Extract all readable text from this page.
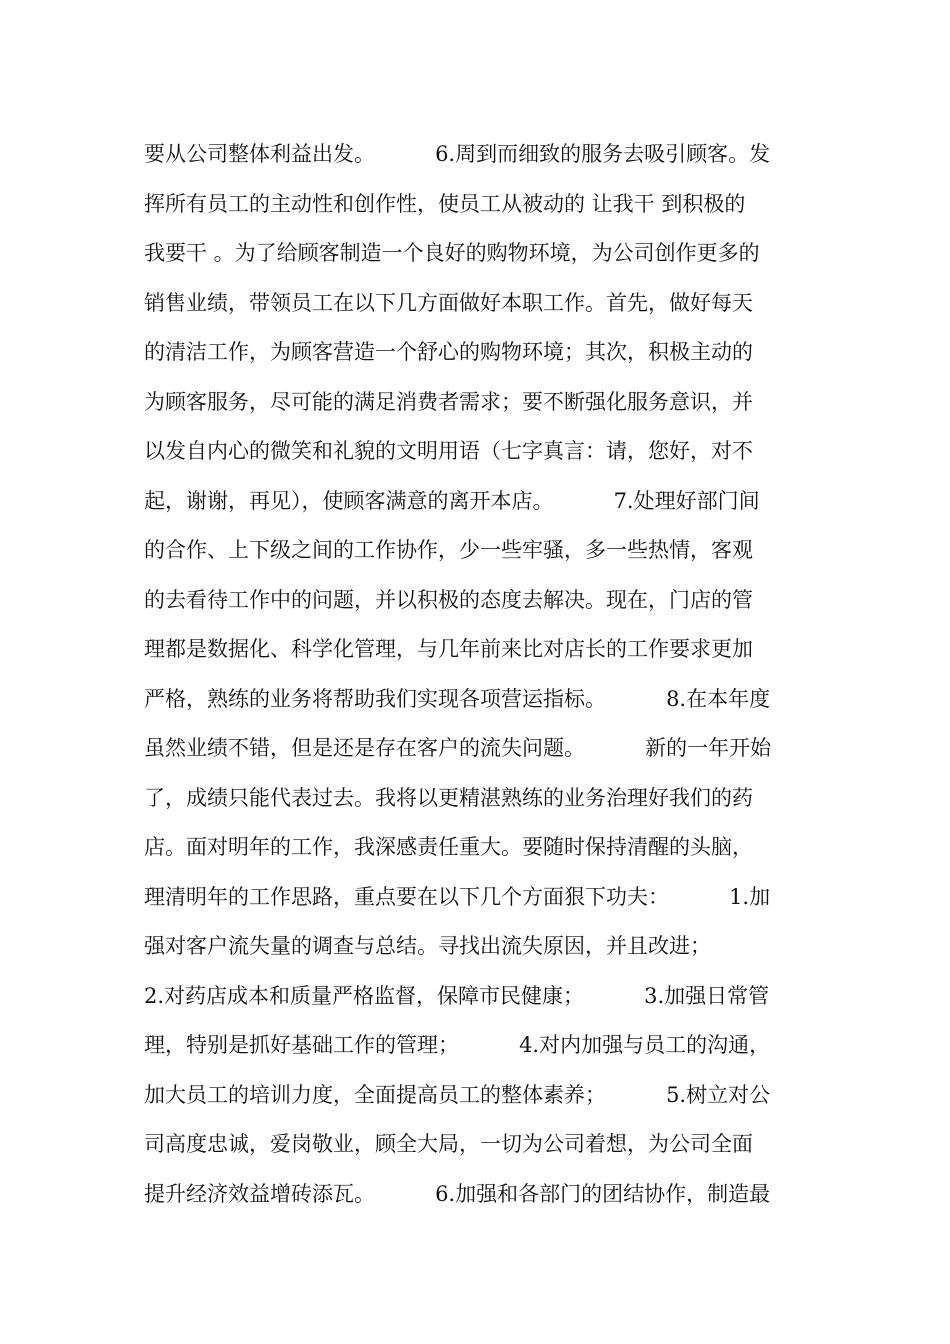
要从公司整体利益出发。         6.周到而细致的服务去吸引顾客。发
挥所有员工的主动性和创作性，使员工从被动的 让我干 到积极的
我要干 。为了给顾客制造一个良好的购物环境，为公司创作更多的
销售业绩，带领员工在以下几方面做好本职工作。首先，做好每天
的清洁工作，为顾客营造一个舒心的购物环境；其次，积极主动的
为顾客服务，尽可能的满足消费者需求；要不断强化服务意识，并
以发自内心的微笑和礼貌的文明用语（七字真言：请，您好，对不
起，谢谢，再见），使顾客满意的离开本店。         7.处理好部门间
的合作、上下级之间的工作协作，少一些牢骚，多一些热情，客观
的去看待工作中的问题，并以积极的态度去解决。现在，门店的管
理都是数据化、科学化管理，与几年前来比对店长的工作要求更加
严格，熟练的业务将帮助我们实现各项营运指标。         8.在本年度
虽然业绩不错，但是还是存在客户的流失问题。         新的一年开始
了，成绩只能代表过去。我将以更精湛熟练的业务治理好我们的药
店。面对明年的工作，我深感责任重大。要随时保持清醒的头脑，
理清明年的工作思路，重点要在以下几个方面狠下功夫：         1.加
强对客户流失量的调查与总结。寻找出流失原因，并且改进；
2.对药店成本和质量严格监督，保障市民健康；         3.加强日常管
理，特别是抓好基础工作的管理；         4.对内加强与员工的沟通，
加大员工的培训力度，全面提高员工的整体素养；         5.树立对公
司高度忠诚，爱岗敬业，顾全大局，一切为公司着想，为公司全面
提升经济效益增砖添瓦。         6.加强和各部门的团结协作，制造最
